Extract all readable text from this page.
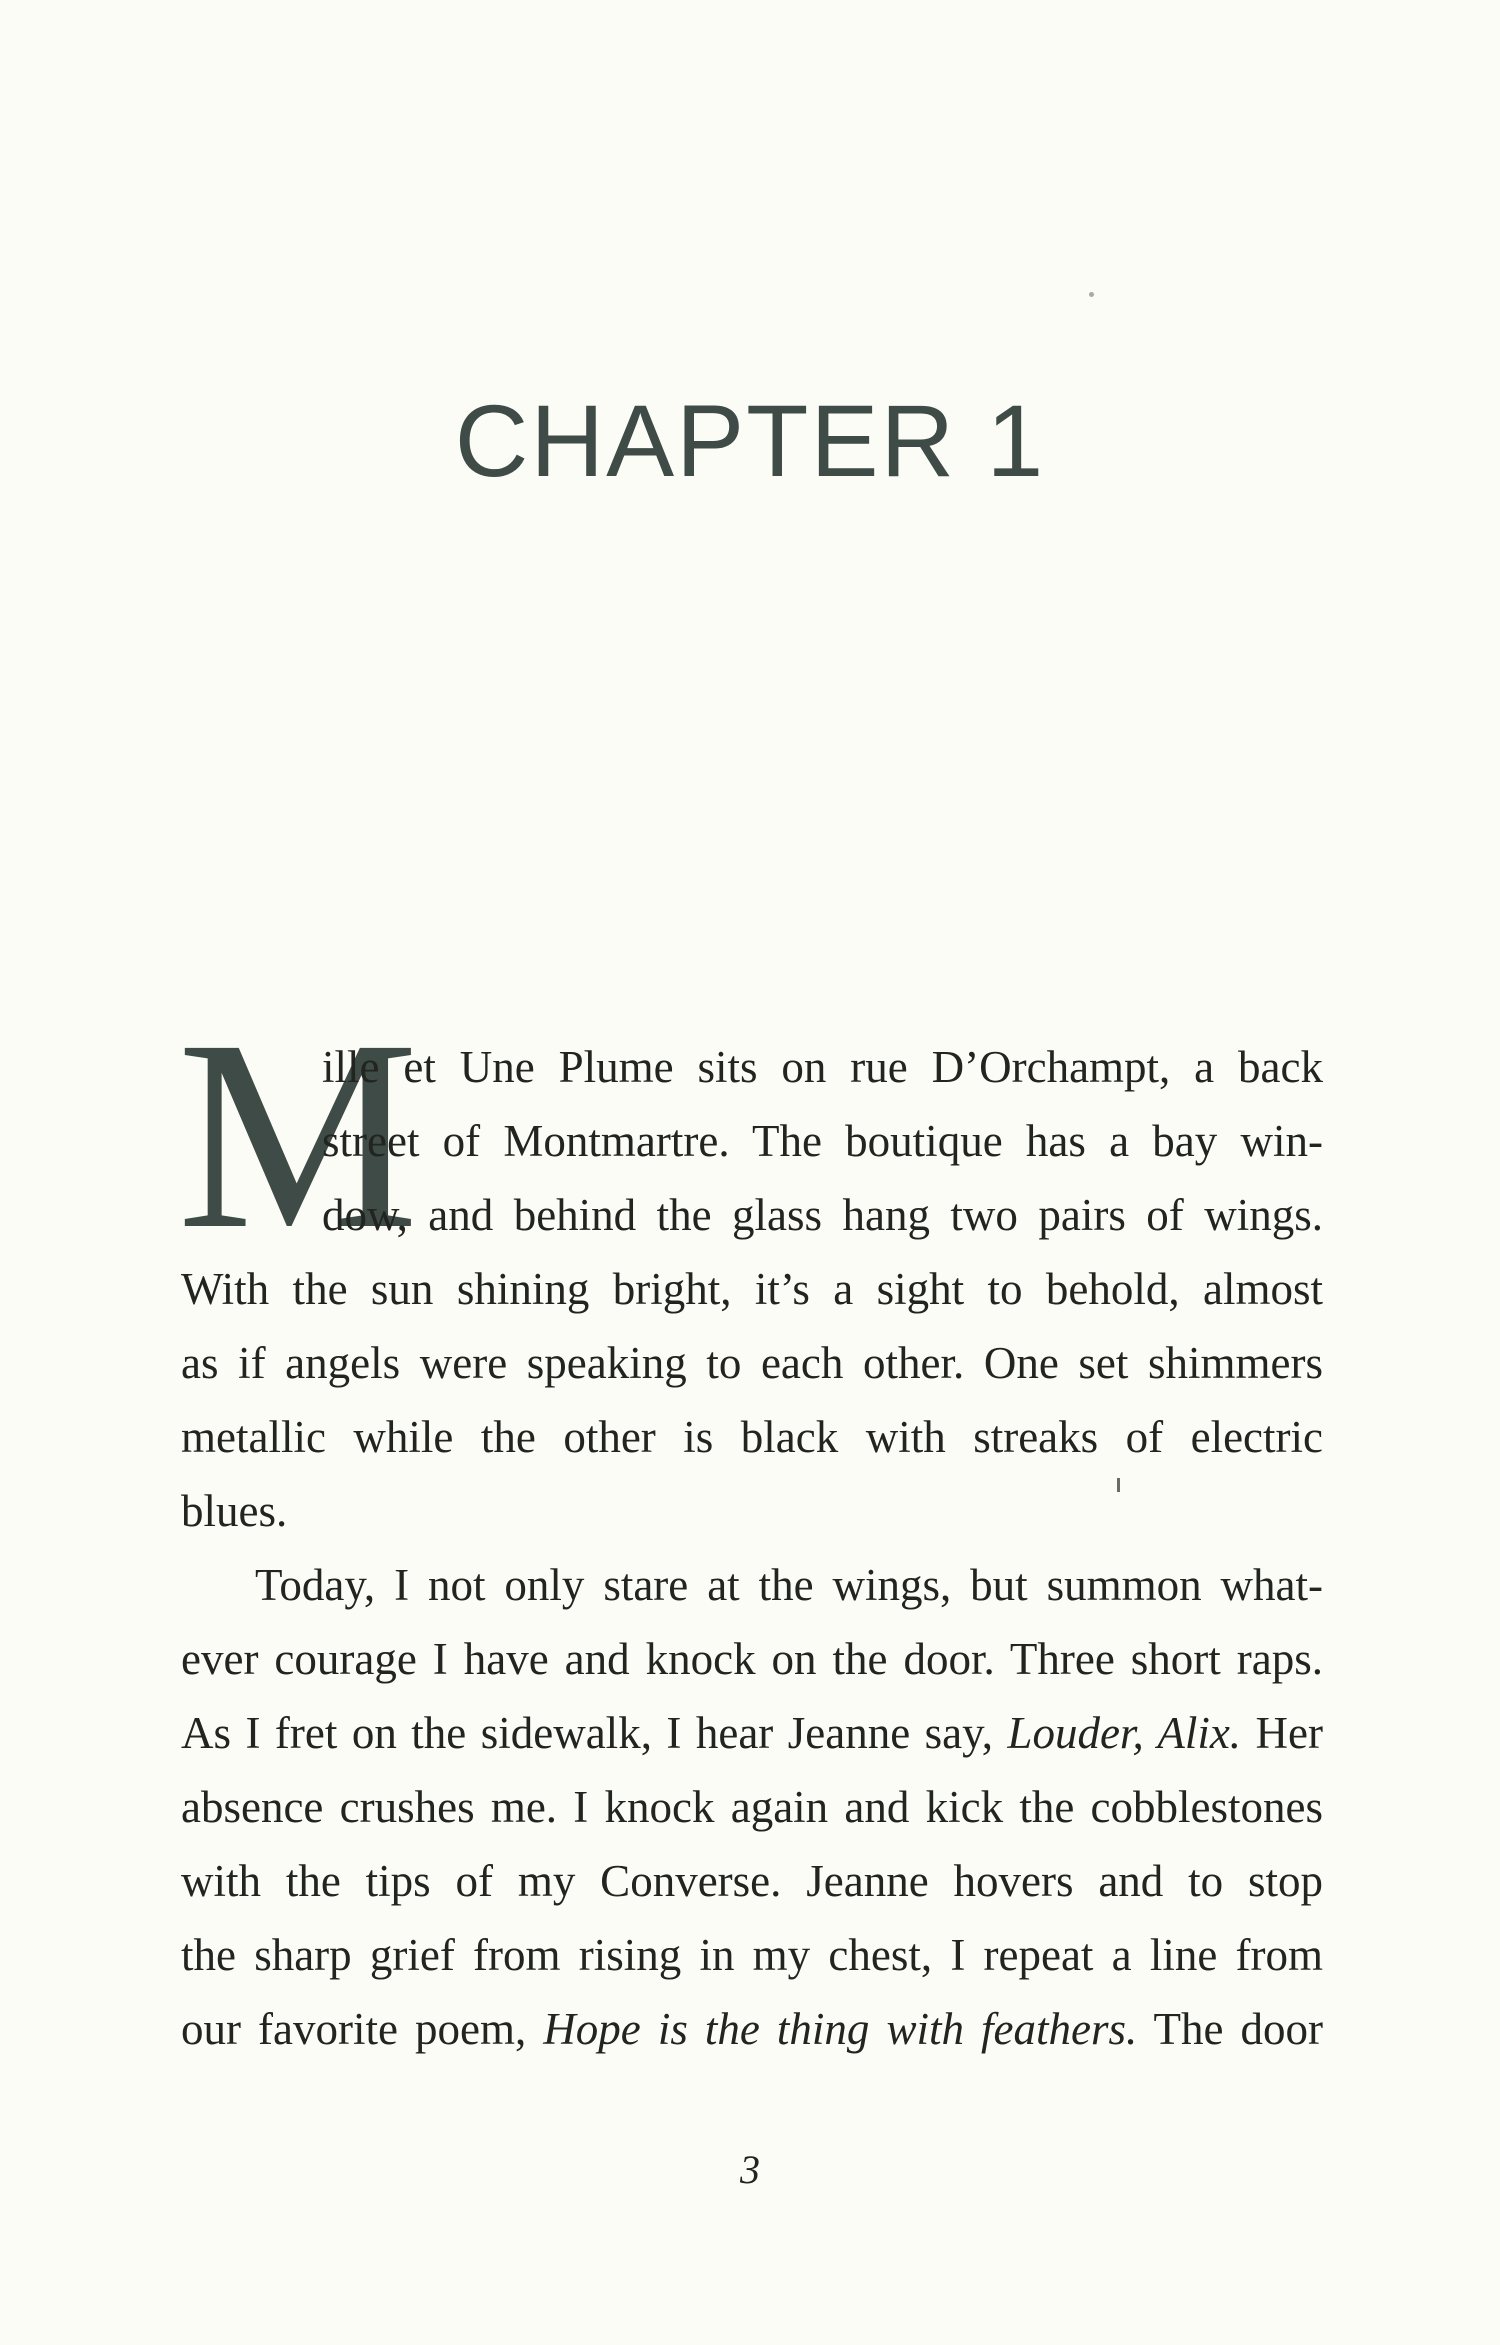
CHAPTER 1
M
ille et Une Plume sits on rue D’Orchampt, a back
street of Montmartre. The boutique has a bay win-
dow, and behind the glass hang two pairs of wings.
With the sun shining bright, it’s a sight to behold, almost
as if angels were speaking to each other. One set shimmers
metallic while the other is black with streaks of electric
blues.
Today, I not only stare at the wings, but summon what-
ever courage I have and knock on the door. Three short raps.
As I fret on the sidewalk, I hear Jeanne say, Louder, Alix. Her
absence crushes me. I knock again and kick the cobblestones
with the tips of my Converse. Jeanne hovers and to stop
the sharp grief from rising in my chest, I repeat a line from
our favorite poem, Hope is the thing with feathers. The door
3
